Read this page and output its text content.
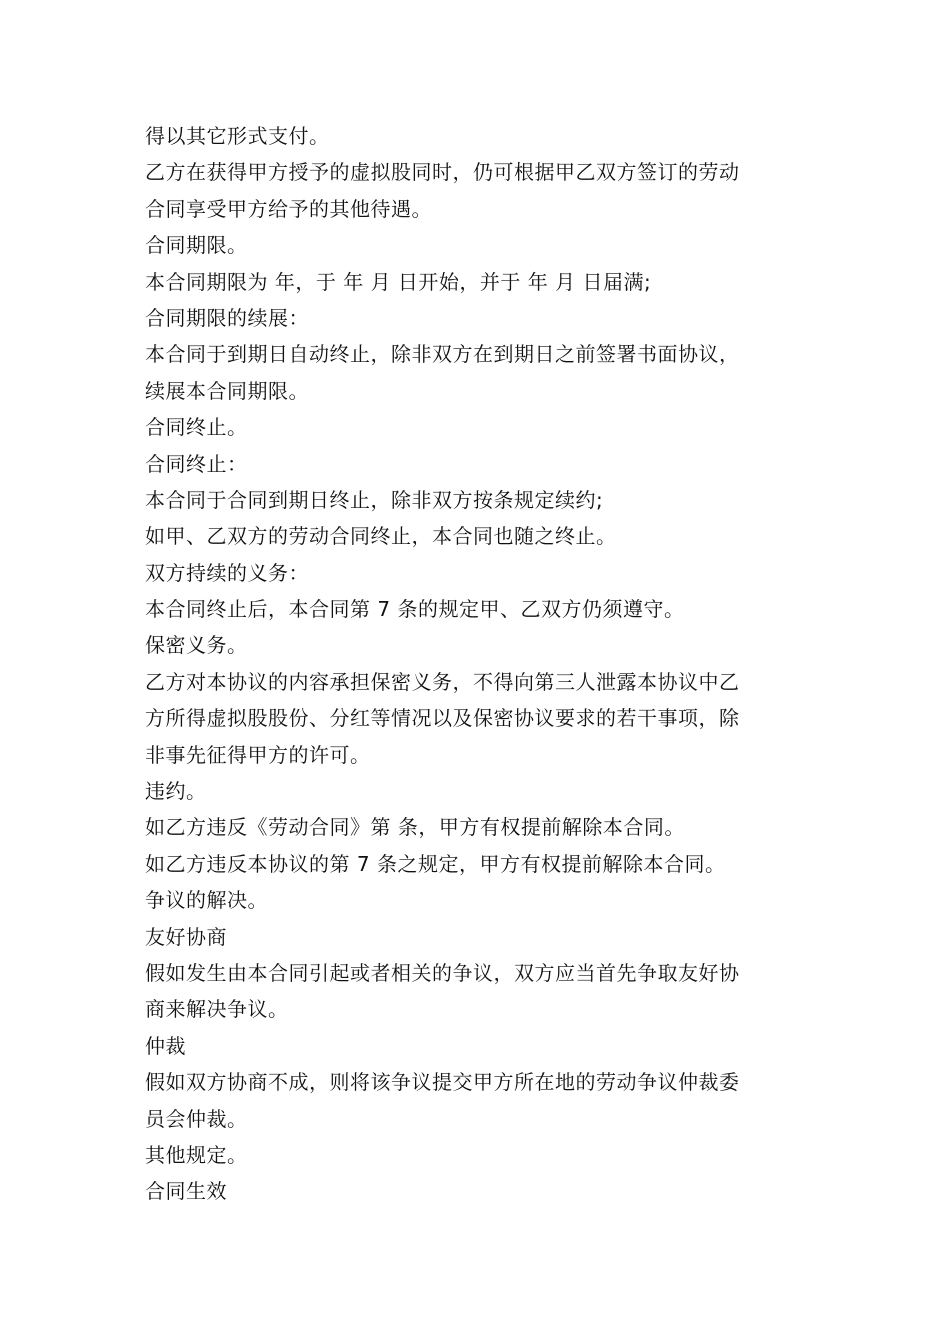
得以其它形式支付。
乙方在获得甲方授予的虚拟股同时，仍可根据甲乙双方签订的劳动
合同享受甲方给予的其他待遇。
合同期限。
本合同期限为 年，于 年 月 日开始，并于 年 月 日届满;
合同期限的续展：
本合同于到期日自动终止，除非双方在到期日之前签署书面协议，
续展本合同期限。
合同终止。
合同终止：
本合同于合同到期日终止，除非双方按条规定续约;
如甲、乙双方的劳动合同终止，本合同也随之终止。
双方持续的义务：
本合同终止后，本合同第 7 条的规定甲、乙双方仍须遵守。
保密义务。
乙方对本协议的内容承担保密义务，不得向第三人泄露本协议中乙
方所得虚拟股股份、分红等情况以及保密协议要求的若干事项，除
非事先征得甲方的许可。
违约。
如乙方违反《劳动合同》第 条，甲方有权提前解除本合同。
如乙方违反本协议的第 7 条之规定，甲方有权提前解除本合同。
争议的解决。
友好协商
假如发生由本合同引起或者相关的争议，双方应当首先争取友好协
商来解决争议。
仲裁
假如双方协商不成，则将该争议提交甲方所在地的劳动争议仲裁委
员会仲裁。
其他规定。
合同生效
